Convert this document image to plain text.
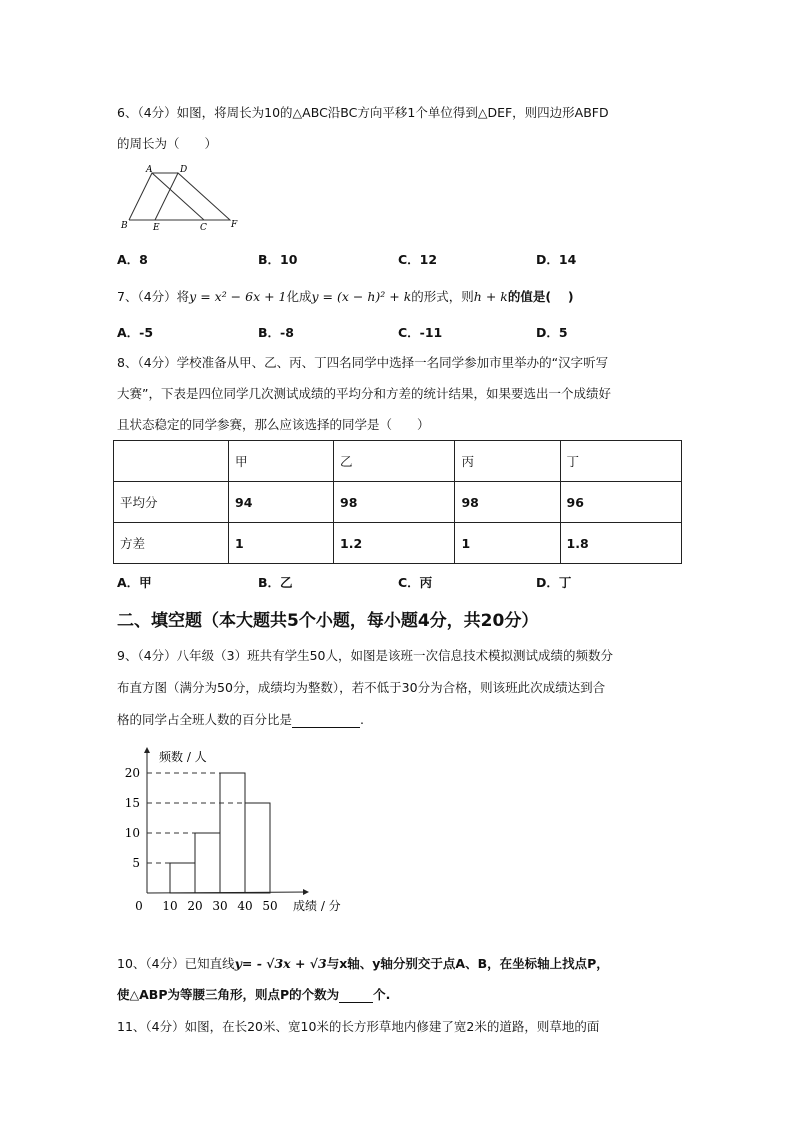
6、（4分）如图，将周长为10的△ABC沿BC方向平移1个单位得到△DEF，则四边形ABFD
的周长为（　　）
A	D
B	E	C	F
A．8	B．10	C．12	D．14
7、（4分）将y = x² − 6x + 1化成y = (x − h)² + k的形式，则h + k的值是(　 )
A．-5	B．-8	C．-11	D．5
8、（4分）学校准备从甲、乙、丙、丁四名同学中选择一名同学参加市里举办的“汉字听写
大赛”，下表是四位同学几次测试成绩的平均分和方差的统计结果，如果要选出一个成绩好
且状态稳定的同学参赛，那么应该选择的同学是（　　）
	甲	乙	丙	丁
平均分	94	98	98	96
方差	1	1.2	1	1.8
A．甲	B．乙	C．丙	D．丁
二、填空题（本大题共5个小题，每小题4分，共20分）
9、（4分）八年级（3）班共有学生50人，如图是该班一次信息技术模拟测试成绩的频数分
布直方图（满分为50分，成绩均为整数），若不低于30分为合格，则该班此次成绩达到合
格的同学占全班人数的百分比是	.
5
10
15
20
0 10 20 30 40 50
频数 / 人
成绩 / 分
10、（4分）已知直线y= - √3x + √3与x轴、y轴分别交于点A、B，在坐标轴上找点P，
使△ABP为等腰三角形，则点P的个数为	个.
11、（4分）如图，在长20米、宽10米的长方形草地内修建了宽2米的道路，则草地的面
